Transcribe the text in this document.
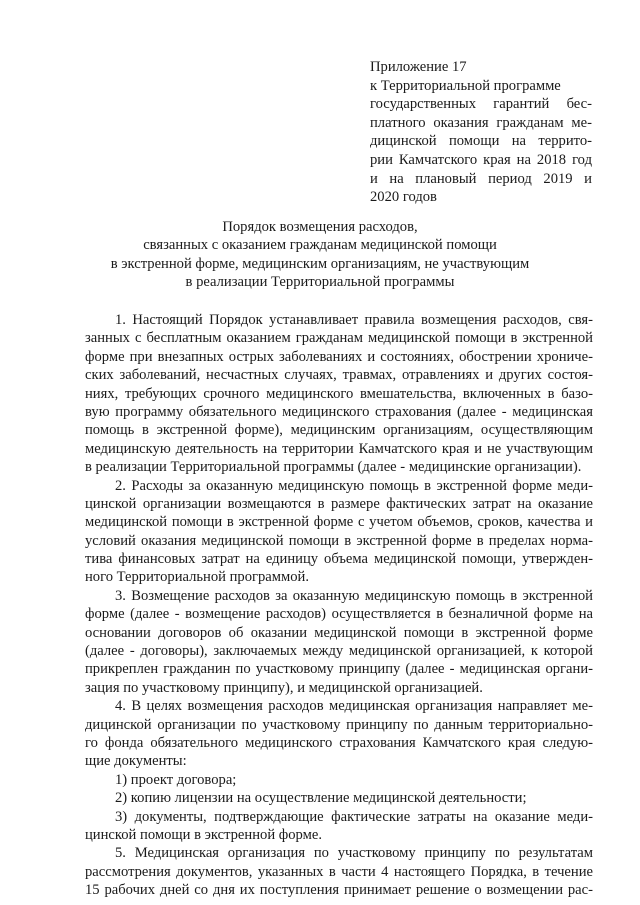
Приложение 17
к Территориальной программе
государственных гарантий бес-
платного оказания гражданам ме-
дицинской помощи на террито-
рии Камчатского края на 2018 год
и на плановый период 2019 и
2020 годов
Порядок возмещения расходов,
связанных с оказанием гражданам медицинской помощи
в экстренной форме, медицинским организациям, не участвующим
в реализации Территориальной программы
1. Настоящий Порядок устанавливает правила возмещения расходов, свя-
занных с бесплатным оказанием гражданам медицинской помощи в экстренной
форме при внезапных острых заболеваниях и состояниях, обострении хрониче-
ских заболеваний, несчастных случаях, травмах, отравлениях и других состоя-
ниях, требующих срочного медицинского вмешательства, включенных в базо-
вую программу обязательного медицинского страхования (далее - медицинская
помощь в экстренной форме), медицинским организациям, осуществляющим
медицинскую деятельность на территории Камчатского края и не участвующим
в реализации Территориальной программы (далее - медицинские организации).
2. Расходы за оказанную медицинскую помощь в экстренной форме меди-
цинской организации возмещаются в размере фактических затрат на оказание
медицинской помощи в экстренной форме с учетом объемов, сроков, качества и
условий оказания медицинской помощи в экстренной форме в пределах норма-
тива финансовых затрат на единицу объема медицинской помощи, утвержден-
ного Территориальной программой.
3. Возмещение расходов за оказанную медицинскую помощь в экстренной
форме (далее - возмещение расходов) осуществляется в безналичной форме на
основании договоров об оказании медицинской помощи в экстренной форме
(далее - договоры), заключаемых между медицинской организацией, к которой
прикреплен гражданин по участковому принципу (далее - медицинская органи-
зация по участковому принципу), и медицинской организацией.
4. В целях возмещения расходов медицинская организация направляет ме-
дицинской организации по участковому принципу по данным территориально-
го фонда обязательного медицинского страхования Камчатского края следую-
щие документы:
1) проект договора;
2) копию лицензии на осуществление медицинской деятельности;
3) документы, подтверждающие фактические затраты на оказание меди-
цинской помощи в экстренной форме.
5. Медицинская организация по участковому принципу по результатам
рассмотрения документов, указанных в части 4 настоящего Порядка, в течение
15 рабочих дней со дня их поступления принимает решение о возмещении рас-
